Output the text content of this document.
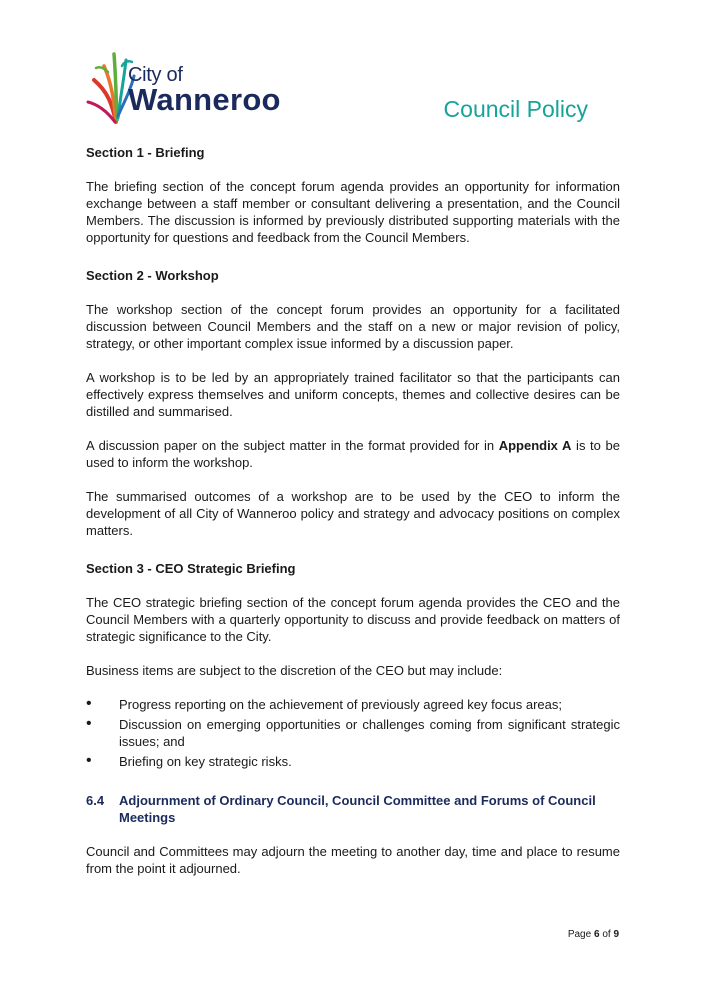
City of
Wanneroo	Council Policy
Section 1 - Briefing

The briefing section of the concept forum agenda provides an opportunity for information exchange between a staff member or consultant delivering a presentation, and the Council Members. The discussion is informed by previously distributed supporting materials with the opportunity for questions and feedback from the Council Members.

Section 2 - Workshop

The workshop section of the concept forum provides an opportunity for a facilitated discussion between Council Members and the staff on a new or major revision of policy, strategy, or other important complex issue informed by a discussion paper.

A workshop is to be led by an appropriately trained facilitator so that the participants can effectively express themselves and uniform concepts, themes and collective desires can be distilled and summarised.

A discussion paper on the subject matter in the format provided for in Appendix A is to be used to inform the workshop.

The summarised outcomes of a workshop are to be used by the CEO to inform the development of all City of Wanneroo policy and strategy and advocacy positions on complex matters.

Section 3 - CEO Strategic Briefing

The CEO strategic briefing section of the concept forum agenda provides the CEO and the Council Members with a quarterly opportunity to discuss and provide feedback on matters of strategic significance to the City.

Business items are subject to the discretion of the CEO but may include:

• Progress reporting on the achievement of previously agreed key focus areas;
• Discussion on emerging opportunities or challenges coming from significant strategic issues; and
• Briefing on key strategic risks.
6.4	Adjournment of Ordinary Council, Council Committee and Forums of Council Meetings

Council and Committees may adjourn the meeting to another day, time and place to resume from the point it adjourned.

Page 6 of 9
